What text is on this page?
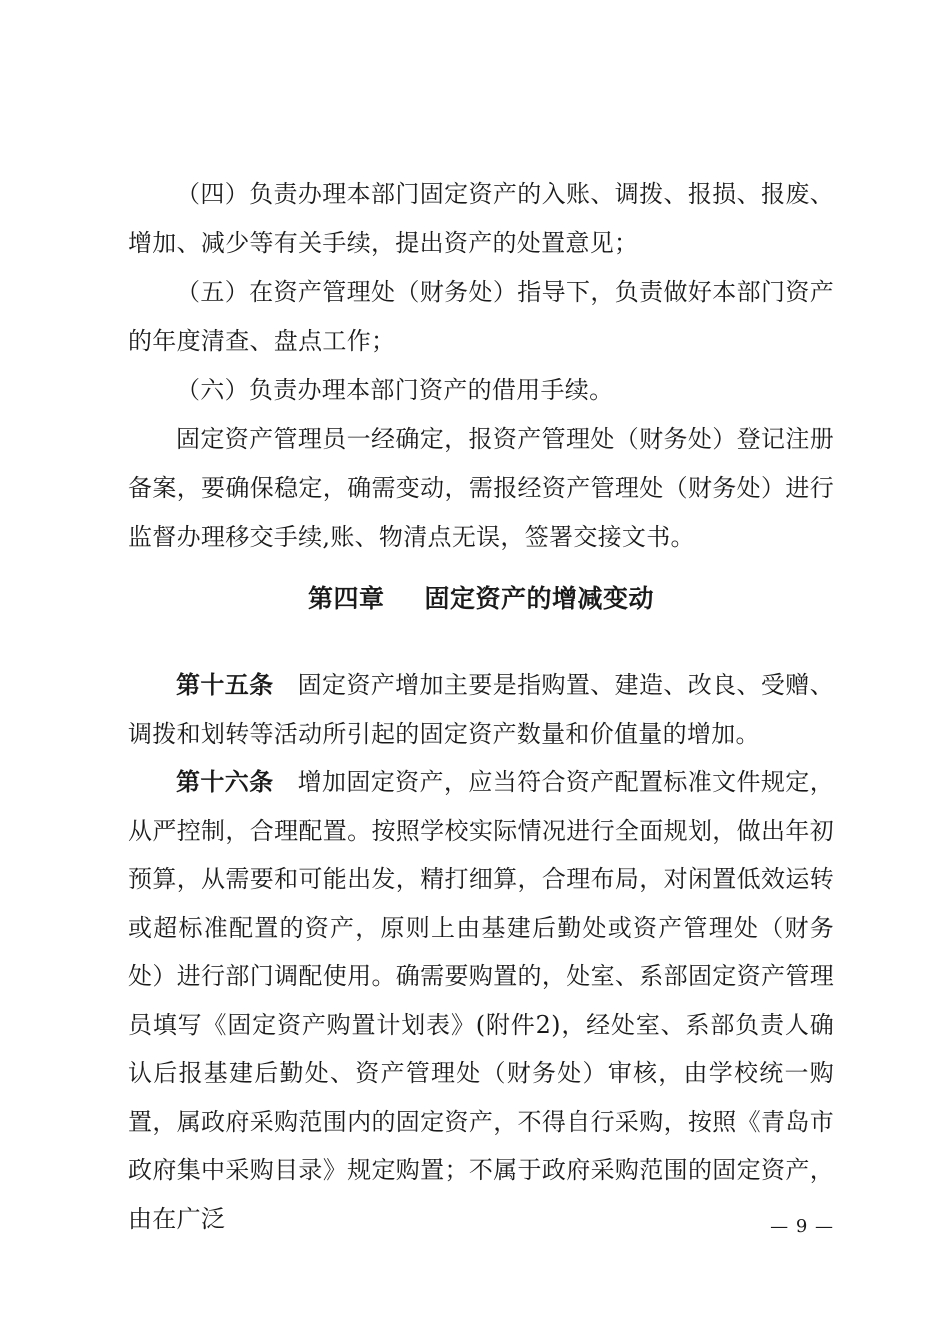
（四）负责办理本部门固定资产的入账、调拨、报损、报废、增加、减少等有关手续，提出资产的处置意见；

（五）在资产管理处（财务处）指导下，负责做好本部门资产的年度清查、盘点工作；

（六）负责办理本部门资产的借用手续。

固定资产管理员一经确定，报资产管理处（财务处）登记注册备案，要确保稳定，确需变动，需报经资产管理处（财务处）进行监督办理移交手续,账、物清点无误，签署交接文书。

第四章 固定资产的增减变动

第十五条 固定资产增加主要是指购置、建造、改良、受赠、调拨和划转等活动所引起的固定资产数量和价值量的增加。

第十六条 增加固定资产，应当符合资产配置标准文件规定，从严控制，合理配置。按照学校实际情况进行全面规划，做出年初预算，从需要和可能出发，精打细算，合理布局，对闲置低效运转或超标准配置的资产，原则上由基建后勤处或资产管理处（财务处）进行部门调配使用。确需要购置的，处室、系部固定资产管理员填写《固定资产购置计划表》(附件2)，经处室、系部负责人确认后报基建后勤处、资产管理处（财务处）审核，由学校统一购置，属政府采购范围内的固定资产，不得自行采购，按照《青岛市政府集中采购目录》规定购置；不属于政府采购范围的固定资产，由在广泛	— 9 —
